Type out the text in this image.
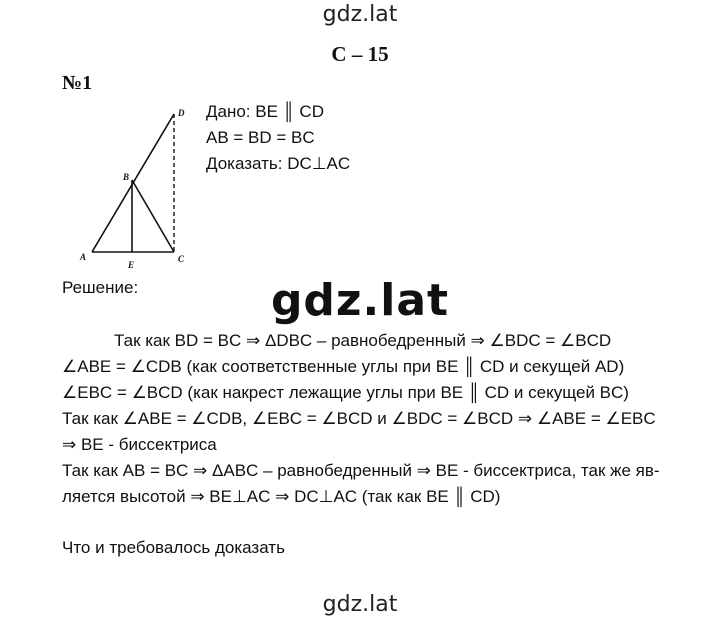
gdz.lat
С – 15
№1
A
E
C
B
D Дано: BE ║ CD
AB = BD = BC
Доказать: DC⊥AC
Решение:	gdz.lat
Так как BD = BC ⇒ ΔDBC – равнобедренный ⇒ ∠BDC = ∠BCD
∠ABE = ∠CDB (как соответственные углы при BE ║ CD и секущей AD)
∠EBC = ∠BCD (как накрест лежащие углы при BE ║ CD и секущей BC)
Так как ∠ABE = ∠CDB, ∠EBC = ∠BCD и ∠BDC = ∠BCD ⇒ ∠ABE = ∠EBC
⇒ BE - биссектриса
Так как AB = BC ⇒ ΔABC – равнобедренный ⇒ BE - биссектриса, так же яв-
ляется высотой ⇒ BE⊥AC ⇒ DC⊥AC (так как BE ║ CD)
Что и требовалось доказать
gdz.lat
